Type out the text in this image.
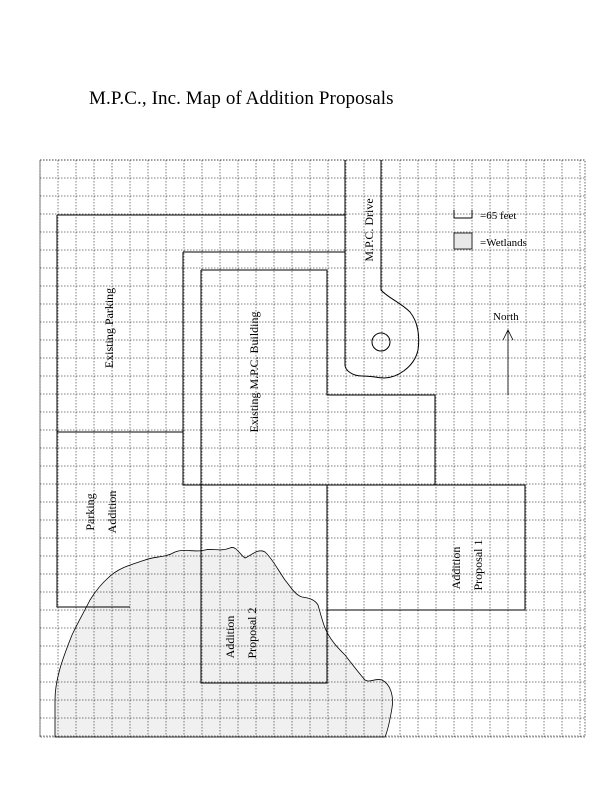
M.P.C., Inc. Map of Addition Proposals
M.P.C. Drive
Existing Parking	Existing M.P.C. Building
Parking Addition
Addition Proposal 1
Addition Proposal 2
=65 feet
=Wetlands
North
